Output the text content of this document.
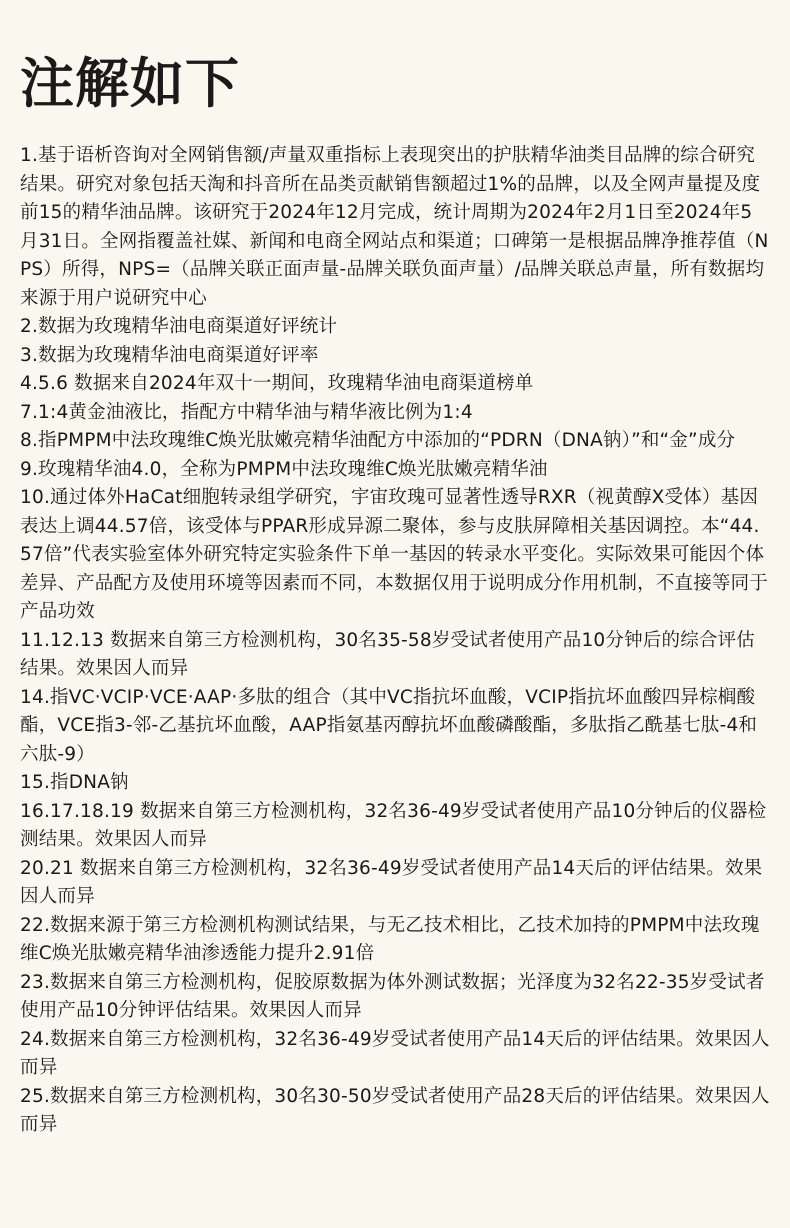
注解如下
1.基于语析咨询对全网销售额/声量双重指标上表现突出的护肤精华油类目品牌的综合研究结果。研究对象包括天淘和抖音所在品类贡献销售额超过1%的品牌，以及全网声量提及度前15的精华油品牌。该研究于2024年12月完成，统计周期为2024年2月1日至2024年5月31日。全网指覆盖社媒、新闻和电商全网站点和渠道；口碑第一是根据品牌净推荐值（NPS）所得，NPS=（品牌关联正面声量-品牌关联负面声量）/品牌关联总声量，所有数据均来源于用户说研究中心
2.数据为玫瑰精华油电商渠道好评统计
3.数据为玫瑰精华油电商渠道好评率
4.5.6 数据来自2024年双十一期间，玫瑰精华油电商渠道榜单
7.1:4黄金油液比，指配方中精华油与精华液比例为1:4
8.指PMPM中法玫瑰维C焕光肽嫩亮精华油配方中添加的“PDRN（DNA钠）”和“金”成分
9.玫瑰精华油4.0，全称为PMPM中法玫瑰维C焕光肽嫩亮精华油
10.通过体外HaCat细胞转录组学研究，宇宙玫瑰可显著性透导RXR（视黄醇X受体）基因表达上调44.57倍，该受体与PPAR形成异源二聚体，参与皮肤屏障相关基因调控。本“44.57倍”代表实验室体外研究特定实验条件下单一基因的转录水平变化。实际效果可能因个体差异、产品配方及使用环境等因素而不同，本数据仅用于说明成分作用机制，不直接等同于产品功效
11.12.13 数据来自第三方检测机构，30名35-58岁受试者使用产品10分钟后的综合评估结果。效果因人而异
14.指VC·VCIP·VCE·AAP·多肽的组合（其中VC指抗坏血酸，VCIP指抗坏血酸四异棕榈酸酯，VCE指3-邻-乙基抗坏血酸，AAP指氨基丙醇抗坏血酸磷酸酯，多肽指乙酰基七肽-4和六肽-9）
15.指DNA钠
16.17.18.19 数据来自第三方检测机构，32名36-49岁受试者使用产品10分钟后的仪器检测结果。效果因人而异
20.21 数据来自第三方检测机构，32名36-49岁受试者使用产品14天后的评估结果。效果因人而异
22.数据来源于第三方检测机构测试结果，与无乙技术相比，乙技术加持的PMPM中法玫瑰维C焕光肽嫩亮精华油渗透能力提升2.91倍
23.数据来自第三方检测机构，促胶原数据为体外测试数据；光泽度为32名22-35岁受试者使用产品10分钟评估结果。效果因人而异
24.数据来自第三方检测机构，32名36-49岁受试者使用产品14天后的评估结果。效果因人而异
25.数据来自第三方检测机构，30名30-50岁受试者使用产品28天后的评估结果。效果因人而异
